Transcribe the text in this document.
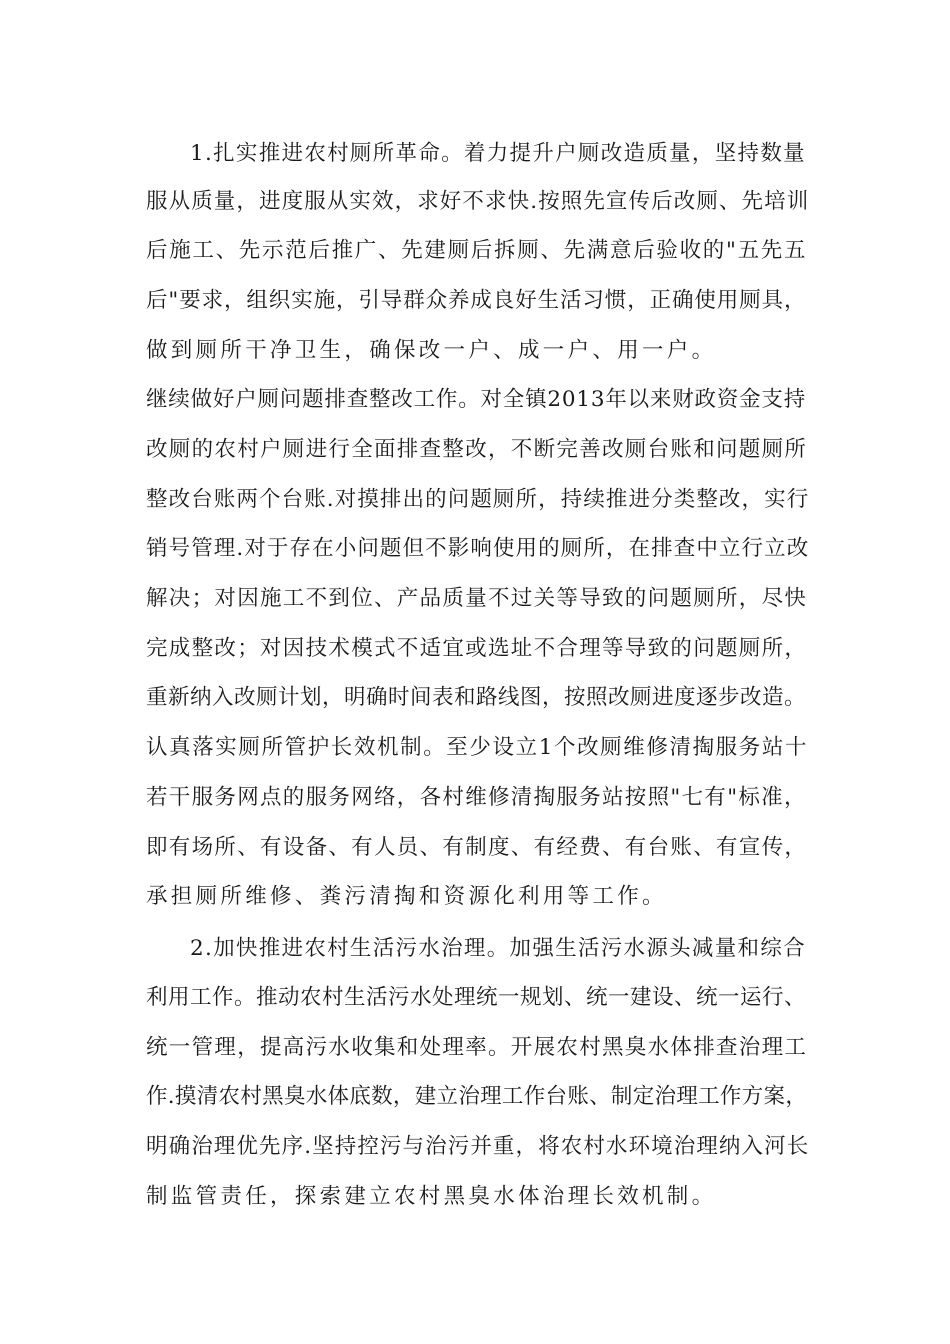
1.扎实推进农村厕所革命。着力提升户厕改造质量，坚持数量

服从质量，进度服从实效，求好不求快.按照先宣传后改厕、先培训

后施工、先示范后推广、先建厕后拆厕、先满意后验收的"五先五

后"要求，组织实施，引导群众养成良好生活习惯，正确使用厕具，

做到厕所干净卫生，确保改一户、成一户、用一户。

继续做好户厕问题排查整改工作。对全镇2013年以来财政资金支持

改厕的农村户厕进行全面排查整改，不断完善改厕台账和问题厕所

整改台账两个台账.对摸排出的问题厕所，持续推进分类整改，实行

销号管理.对于存在小问题但不影响使用的厕所，在排查中立行立改

解决；对因施工不到位、产品质量不过关等导致的问题厕所，尽快

完成整改；对因技术模式不适宜或选址不合理等导致的问题厕所，

重新纳入改厕计划，明确时间表和路线图，按照改厕进度逐步改造。

认真落实厕所管护长效机制。至少设立1个改厕维修清掏服务站十

若干服务网点的服务网络，各村维修清掏服务站按照"七有"标准，

即有场所、有设备、有人员、有制度、有经费、有台账、有宣传，

承担厕所维修、粪污清掏和资源化利用等工作。

2.加快推进农村生活污水治理。加强生活污水源头减量和综合

利用工作。推动农村生活污水处理统一规划、统一建设、统一运行、

统一管理，提高污水收集和处理率。开展农村黑臭水体排查治理工

作.摸清农村黑臭水体底数，建立治理工作台账、制定治理工作方案，

明确治理优先序.坚持控污与治污并重，将农村水环境治理纳入河长

制监管责任，探索建立农村黑臭水体治理长效机制。
